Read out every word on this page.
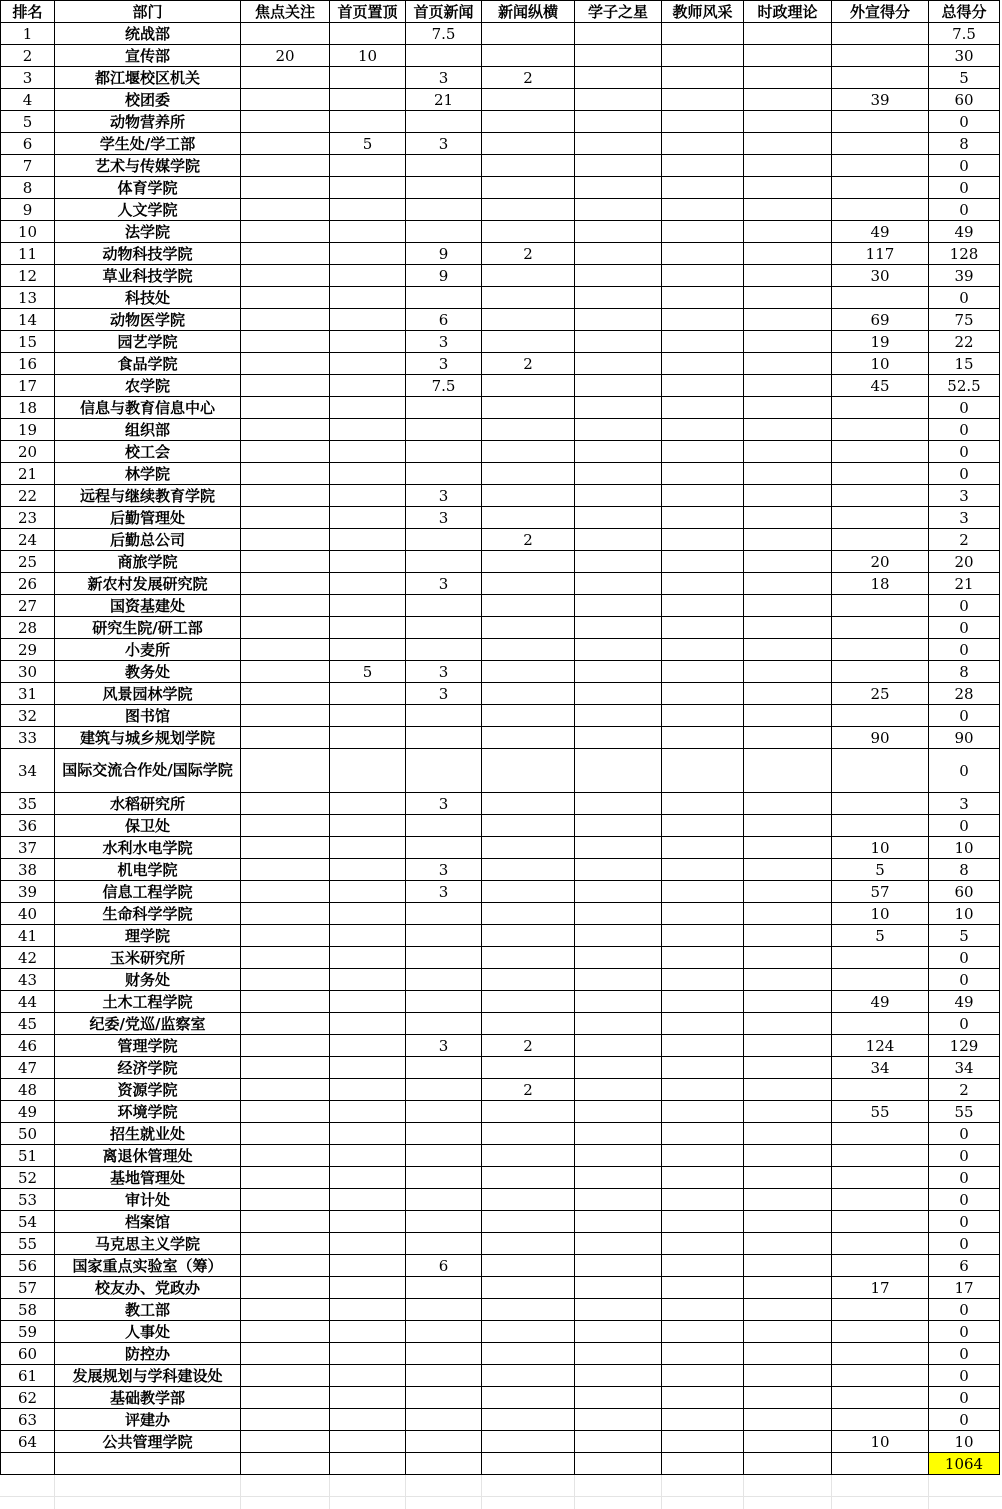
排名	部门	焦点关注	首页置顶	首页新闻	新闻纵横	学子之星	教师风采	时政理论	外宣得分	总得分
1	统战部			7.5						7.5
2	宣传部	20	10							30
3	都江堰校区机关			3	2					5
4	校团委			21					39	60
5	动物营养所									0
6	学生处/学工部		5	3						8
7	艺术与传媒学院									0
8	体育学院									0
9	人文学院									0
10	法学院								49	49
11	动物科技学院			9	2				117	128
12	草业科技学院			9					30	39
13	科技处									0
14	动物医学院			6					69	75
15	园艺学院			3					19	22
16	食品学院			3	2				10	15
17	农学院			7.5					45	52.5
18	信息与教育信息中心									0
19	组织部									0
20	校工会									0
21	林学院									0
22	远程与继续教育学院			3						3
23	后勤管理处			3						3
24	后勤总公司				2					2
25	商旅学院								20	20
26	新农村发展研究院			3					18	21
27	国资基建处									0
28	研究生院/研工部									0
29	小麦所									0
30	教务处		5	3						8
31	风景园林学院			3					25	28
32	图书馆									0
33	建筑与城乡规划学院								90	90
34	国际交流合作处/国际学院									0
35	水稻研究所			3						3
36	保卫处									0
37	水利水电学院								10	10
38	机电学院			3					5	8
39	信息工程学院			3					57	60
40	生命科学学院								10	10
41	理学院								5	5
42	玉米研究所									0
43	财务处									0
44	土木工程学院								49	49
45	纪委/党巡/监察室									0
46	管理学院			3	2				124	129
47	经济学院								34	34
48	资源学院				2					2
49	环境学院								55	55
50	招生就业处									0
51	离退休管理处									0
52	基地管理处									0
53	审计处									0
54	档案馆									0
55	马克思主义学院									0
56	国家重点实验室（筹）			6						6
57	校友办、党政办								17	17
58	教工部									0
59	人事处									0
60	防控办									0
61	发展规划与学科建设处									0
62	基础教学部									0
63	评建办									0
64	公共管理学院								10	10
										1064
